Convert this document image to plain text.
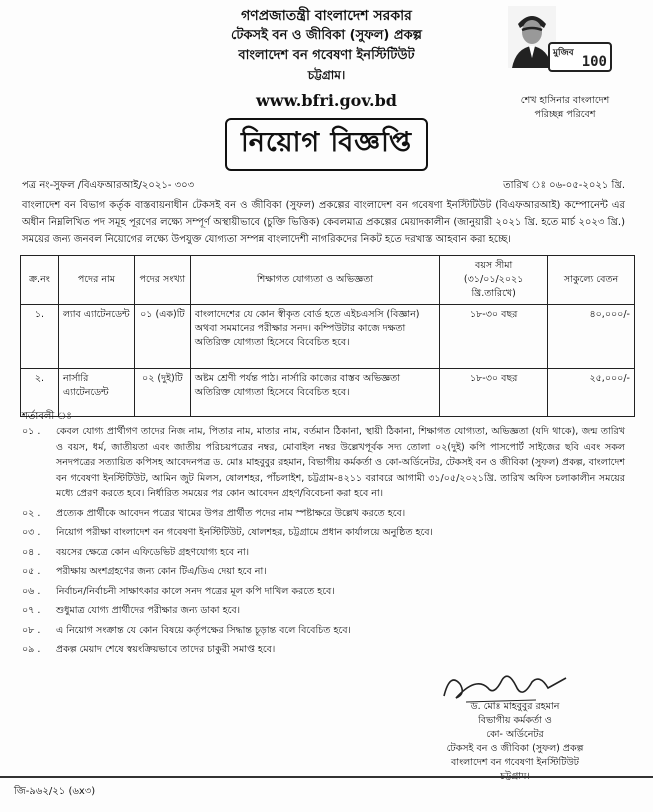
গণপ্রজাতন্ত্রী বাংলাদেশ সরকার
টেকসই বন ও জীবিকা (সুফল) প্রকল্প
বাংলাদেশ বন গবেষণা ইনস্টিটিউট
চট্টগ্রাম।
www.bfri.gov.bd
মুজিব
100
শেখ হাসিনার বাংলাদেশ
পরিচ্ছন্ন পরিবেশ
নিয়োগ বিজ্ঞপ্তি
পত্র নং-সুফল /বিএফআরআই/২০২১- ৩০৩	তারিখ ঃ ০৬-০৫-২০২১ খ্রি.
বাংলাদেশ বন বিভাগ কর্তৃক বাস্তবায়নাধীন টেকসই বন ও জীবিকা (সুফল) প্রকল্পের বাংলাদেশ বন গবেষণা ইনস্টিটিউট (বিএফআরআই) কম্পোনেন্ট এর অধীন নিম্নলিখিত পদ সমূহ পূরণের লক্ষ্যে সম্পূর্ণ অস্থায়ীভাবে (চুক্তি ভিত্তিক) কেবলমাত্র প্রকল্পের মেয়াদকালীন (জানুয়ারী ২০২১ খ্রি. হতে মার্চ ২০২৩ খ্রি.) সময়ের জন্য জনবল নিয়োগের লক্ষ্যে উপযুক্ত যোগ্যতা সম্পন্ন বাংলাদেশী নাগরিকদের নিকট হতে দরখাস্ত আহবান করা হচ্ছে।
ক্র.নং	পদের নাম	পদের সংখ্যা	শিক্ষাগত যোগ্যতা ও অভিজ্ঞতা	বয়স সীমা (৩১/০১/২০২১ খ্রি.তারিখে)	সাকুল্যে বেতন
১.	ল্যাব এ্যাটেনডেন্ট	০১ (এক)টি	বাংলাদেশের যে কোন স্বীকৃত বোর্ড হতে এইচএসসি (বিজ্ঞান) অথবা সমমানের পরীক্ষার সনদ। কম্পিউটার কাজে দক্ষতা অতিরিক্ত যোগ্যতা হিসেবে বিবেচিত হবে।	১৮-৩০ বছর	৪০,০০০/-
২.	নার্সারি এ্যাটেনডেন্ট	০২ (দুই)টি	অষ্টম শ্রেণী পর্যন্ত পাঠ। নার্সারি কাজের বাস্তব অভিজ্ঞতা অতিরিক্ত যোগ্যতা হিসেবে বিবেচিত হবে।	১৮-৩০ বছর	২৫,০০০/-
শর্তাবলী ঃ
০১ .	কেবল যোগ্য প্রার্থীগণ তাদের নিজ নাম, পিতার নাম, মাতার নাম, বর্তমান ঠিকানা, স্থায়ী ঠিকানা, শিক্ষাগত যোগ্যতা, অভিজ্ঞতা (যদি থাকে), জন্ম তারিখ ও বয়স, ধর্ম, জাতীয়তা এবং জাতীয় পরিচয়পত্রের নম্বর, মোবাইল নম্বর উল্লেখপূর্বক সদ্য তোলা ০২(দুই) কপি পাসপোর্ট সাইজের ছবি এবং সকল সনদপত্রের সত্যায়িত কপিসহ আবেদনপত্র ড. মোঃ মাহবুবুর রহমান, বিভাগীয় কর্মকর্তা ও কো-অর্ডিনেটর, টেকসই বন ও জীবিকা (সুফল) প্রকল্প, বাংলাদেশ বন গবেষণা ইনস্টিটিউট, আমিন জুট মিলস, ষোলশহর, পাঁচলাইশ, চট্টগ্রাম-৪২১১ বরাবরে আগামী ৩১/০৫/২০২১খ্রি. তারিখ অফিস চলাকালীন সময়ের মধ্যে প্রেরণ করতে হবে। নির্ধারিত সময়ের পর কোন আবেদন গ্রহণ/বিবেচনা করা হবে না।
০২ .	প্রত্যেক প্রার্থীকে আবেদন পত্রের খামের উপর প্রার্থীত পদের নাম স্পষ্টাক্ষরে উল্লেখ করতে হবে।
০৩ .	নিয়োগ পরীক্ষা বাংলাদেশ বন গবেষণা ইনস্টিটিউট, ষোলশহর, চট্টগ্রামে প্রধান কার্যালয়ে অনুষ্ঠিত হবে।
০৪ .	বয়সের ক্ষেত্রে কোন এফিডেভিট গ্রহণযোগ্য হবে না।
০৫ .	পরীক্ষায় অংশগ্রহণের জন্য কোন টিএ/ডিএ দেয়া হবে না।
০৬ .	নির্বাচন/নির্বাচনী সাক্ষাৎকার কালে সনদ পত্রের মূল কপি দাখিল করতে হবে।
০৭ .	শুধুমাত্র যোগ্য প্রার্থীদের পরীক্ষার জন্য ডাকা হবে।
০৮ .	এ নিয়োগ সংক্রান্ত যে কোন বিষয়ে কর্তৃপক্ষের সিদ্ধান্ত চূড়ান্ত বলে বিবেচিত হবে।
০৯ .	প্রকল্প মেয়াদ শেষে স্বয়ংক্রিয়ভাবে তাদের চাকুরী সমাপ্ত হবে।
ড. মোঃ মাহবুবুর রহমান
বিভাগীয় কর্মকর্তা ও
কো- অর্ডিনেটর
টেকসই বন ও জীবিকা (সুফল) প্রকল্প
বাংলাদেশ বন গবেষণা ইনস্টিটিউট
চট্টগ্রাম।
জি-৯৬২/২১ (৬x৩)
